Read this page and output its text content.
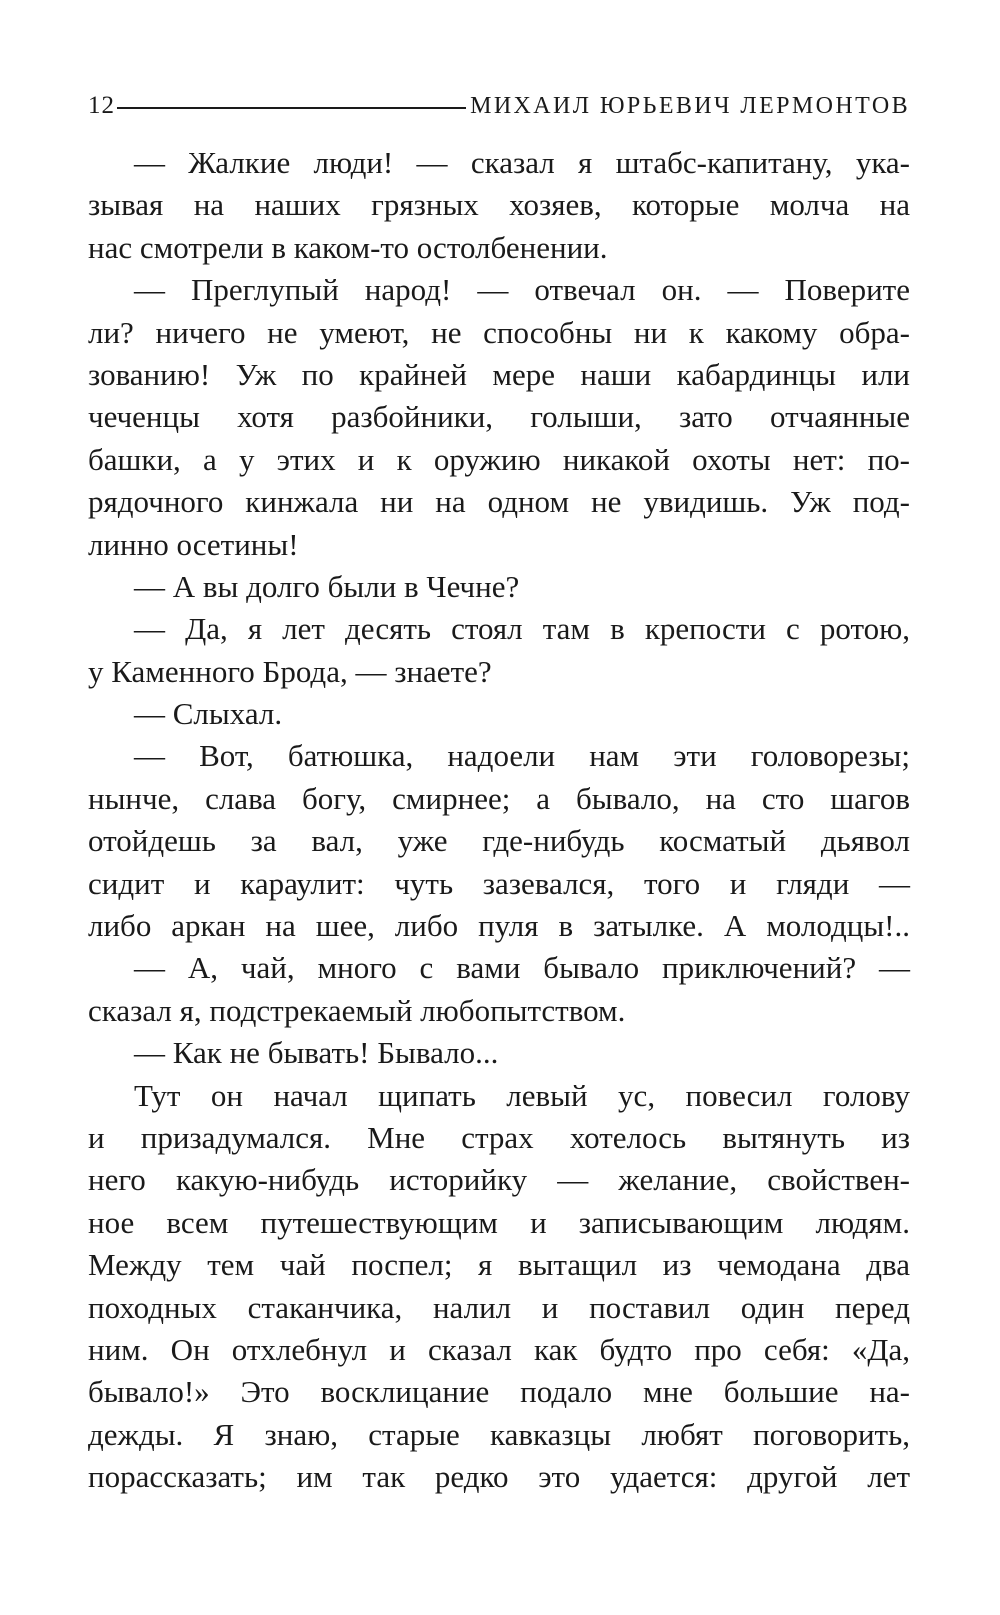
12	МИХАИЛ ЮРЬЕВИЧ ЛЕРМОНТОВ
— Жалкие люди! — сказал я штабс-капитану, ука-
зывая на наших грязных хозяев, которые молча на
нас смотрели в каком-то остолбенении.
— Преглупый народ! — отвечал он. — Поверите
ли? ничего не умеют, не способны ни к какому обра-
зованию! Уж по крайней мере наши кабардинцы или
чеченцы хотя разбойники, голыши, зато отчаянные
башки, а у этих и к оружию никакой охоты нет: по-
рядочного кинжала ни на одном не увидишь. Уж под-
линно осетины!
— А вы долго были в Чечне?
— Да, я лет десять стоял там в крепости с ротою,
у Каменного Брода, — знаете?
— Слыхал.
— Вот, батюшка, надоели нам эти головорезы;
нынче, слава богу, смирнее; а бывало, на сто шагов
отойдешь за вал, уже где-нибудь косматый дьявол
сидит и караулит: чуть зазевался, того и гляди —
либо аркан на шее, либо пуля в затылке. А молодцы!..
— А, чай, много с вами бывало приключений? —
сказал я, подстрекаемый любопытством.
— Как не бывать! Бывало...
Тут он начал щипать левый ус, повесил голову
и призадумался. Мне страх хотелось вытянуть из
него какую-нибудь историйку — желание, свойствен-
ное всем путешествующим и записывающим людям.
Между тем чай поспел; я вытащил из чемодана два
походных стаканчика, налил и поставил один перед
ним. Он отхлебнул и сказал как будто про себя: «Да,
бывало!» Это восклицание подало мне большие на-
дежды. Я знаю, старые кавказцы любят поговорить,
порассказать; им так редко это удается: другой лет
